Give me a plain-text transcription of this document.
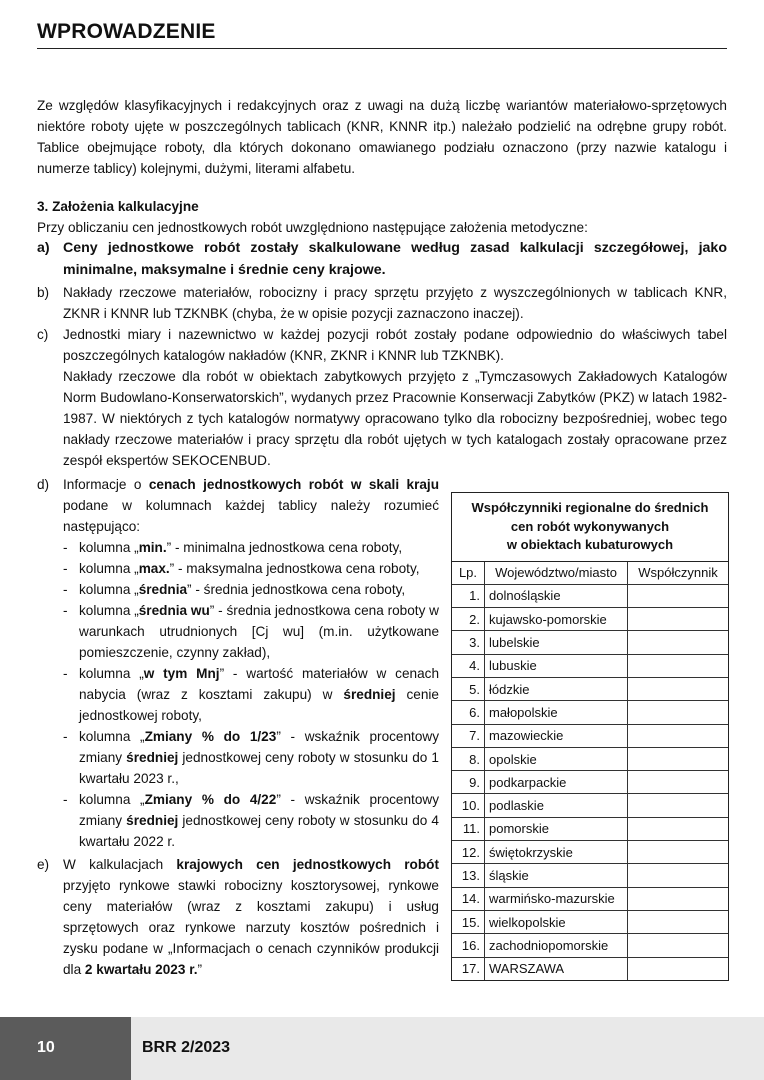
WPROWADZENIE

Ze względów klasyfikacyjnych i redakcyjnych oraz z uwagi na dużą liczbę wariantów materiałowo-sprzętowych niektóre roboty ujęte w poszczególnych tablicach (KNR, KNNR itp.) należało podzielić na odrębne grupy robót. Tablice obejmujące roboty, dla których dokonano omawianego podziału oznaczono (przy nazwie katalogu i numerze tablicy) kolejnymi, dużymi, literami alfabetu.

3. Założenia kalkulacyjne
Przy obliczaniu cen jednostkowych robót uwzględniono następujące założenia metodyczne:
a) Ceny jednostkowe robót zostały skalkulowane według zasad kalkulacji szczegółowej, jako minimalne, maksymalne i średnie ceny krajowe.
b) Nakłady rzeczowe materiałów, robocizny i pracy sprzętu przyjęto z wyszczególnionych w tablicach KNR, ZKNR i KNNR lub TZKNBK (chyba, że w opisie pozycji zaznaczono inaczej).
c) Jednostki miary i nazewnictwo w każdej pozycji robót zostały podane odpowiednio do właściwych tabel poszczególnych katalogów nakładów (KNR, ZKNR i KNNR lub TZKNBK).
Nakłady rzeczowe dla robót w obiektach zabytkowych przyjęto z „Tymczasowych Zakładowych Katalogów Norm Budowlano-Konserwatorskich”, wydanych przez Pracownie Konserwacji Zabytków (PKZ) w latach 1982-1987. W niektórych z tych katalogów normatywy opracowano tylko dla robocizny bezpośredniej, wobec tego nakłady rzeczowe materiałów i pracy sprzętu dla robót ujętych w tych katalogach zostały opracowane przez zespół ekspertów SEKOCENBUD.
d) Informacje o cenach jednostkowych robót w skali kraju podane w kolumnach każdej tablicy należy rozumieć następująco:
- kolumna „min.” - minimalna jednostkowa cena roboty,
- kolumna „max.” - maksymalna jednostkowa cena roboty,
- kolumna „średnia” - średnia jednostkowa cena roboty,
- kolumna „średnia wu” - średnia jednostkowa cena roboty w warunkach utrudnionych [Cj wu] (m.in. użytkowane pomieszczenie, czynny zakład),
- kolumna „w tym Mnj” - wartość materiałów w cenach nabycia (wraz z kosztami zakupu) w średniej cenie jednostkowej roboty,
- kolumna „Zmiany % do 1/23” - wskaźnik procentowy zmiany średniej jednostkowej ceny roboty w stosunku do 1 kwartału 2023 r.,
- kolumna „Zmiany % do 4/22” - wskaźnik procentowy zmiany średniej jednostkowej ceny roboty w stosunku do 4 kwartału 2022 r.
e) W kalkulacjach krajowych cen jednostkowych robót przyjęto rynkowe stawki robocizny kosztorysowej, rynkowe ceny materiałów (wraz z kosztami zakupu) i usług sprzętowych oraz rynkowe narzuty kosztów pośrednich i zysku podane w „Informacjach o cenach czynników produkcji dla 2 kwartału 2023 r.”
Współczynniki regionalne do średnich
cen robót wykonywanych
w obiektach kubaturowych
Lp.	Województwo/miasto	Współczynnik
1.	dolnośląskie	
2.	kujawsko-pomorskie	
3.	lubelskie	
4.	lubuskie	
5.	łódzkie	
6.	małopolskie	
7.	mazowieckie	
8.	opolskie	
9.	podkarpackie	
10.	podlaskie	
11.	pomorskie	
12.	świętokrzyskie	
13.	śląskie	
14.	warmińsko-mazurskie	
15.	wielkopolskie	
16.	zachodniopomorskie	
17.	WARSZAWA	
10	BRR 2/2023
